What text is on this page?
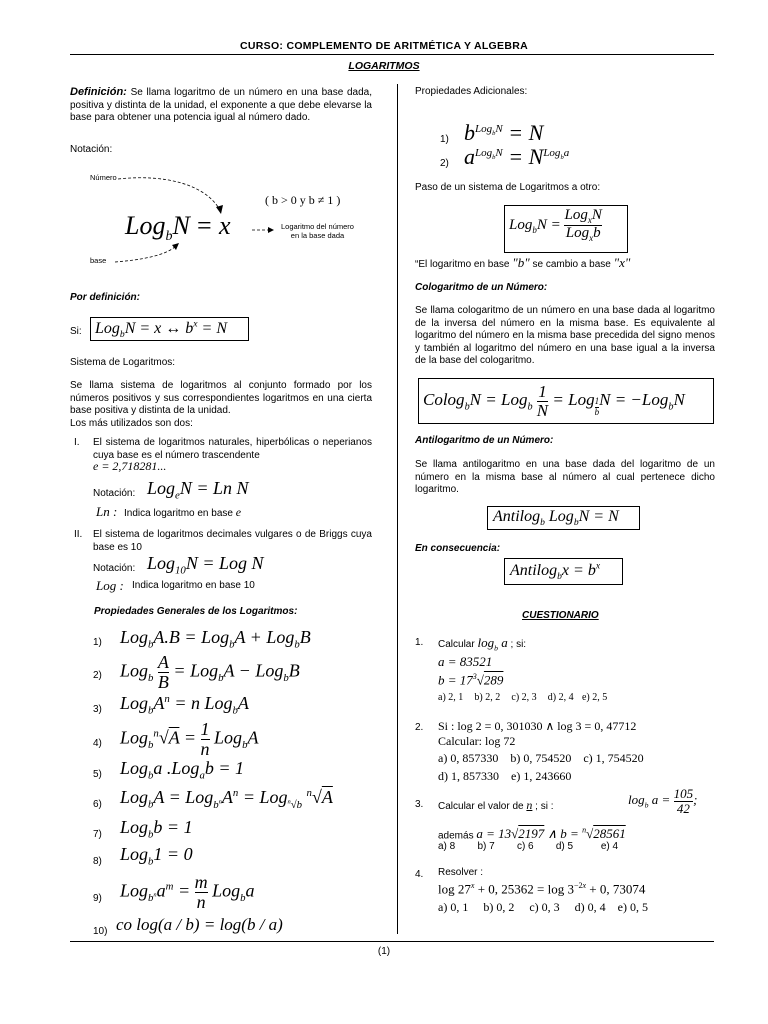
CURSO: COMPLEMENTO DE ARITMÉTICA Y ALGEBRA
LOGARITMOS
Definición: Se llama logaritmo de un número en una base dada, positiva y distinta de la unidad, el exponente a que debe elevarse la base para obtener una potencia igual al número dado.
Notación:
Número
base
Log$_b$N = x	Logaritmo del número
en la base dada
( b > 0 y b ≠ 1 )
Por definición:
Si: Log$_b$N = x ↔ $b^x = N$
Sistema de Logaritmos:
Se llama sistema de logaritmos al conjunto formado por los números positivos y sus correspondientes logaritmos en una cierta base positiva y distinta de la unidad.
Los más utilizados son dos:
I. El sistema de logaritmos naturales, hiperbólicas o neperianos cuya base es el número trascendente
e = 2,718281...
Notación: Log$_e$N = Ln N
Ln : Indica logaritmo en base e
II. El sistema de logaritmos decimales vulgares o de Briggs cuya base es 10
Notación: Log$_{10}$N = Log N
Log : Indica logaritmo en base 10
Propiedades Generales de los Logaritmos:
1) Log$_b$A.B = Log$_b$A + Log$_b$B
2) $Log_b \frac{A}{B} = Log_bA - Log_bB$
3) $Log_bA^n = n$ Log$_b$A
4) $Log_b^n√A = \frac{1}{n} Log_bA$
5) Log$_b$a .Log$_a$b = 1
6) $Log_bA = Log_{b^n}A^n = Log_{^n√b}$ $^n$√A
7) Log$_b$b = 1
8) Log$_b$1 = 0
9) $Log_{b^n}a^m = \frac{m}{n} Log_ba$
10) co log(a / b) = log(b / a)
Propiedades Adicionales:
1) $b^{Log_bN} = N$
2) $a^{Log_bN} = N^{Log_ba}$
Paso de un sistema de Logaritmos a otro:
$Log_bN = \frac{Log_xN}{Log_xb}$
“El logaritmo en base "b" se cambio a base "x"
Cologaritmo de un Número:
Se llama cologaritmo de un número en una base dada al logaritmo de la inversa del número en la misma base. Es equivalente al logaritmo del número en la misma base precedida del signo menos y también al logaritmo del número en una base igual a la inversa de la base del cologaritmo.
$Colog_bN = Log_b \frac{1}{N}$ = Log $_{\frac{1}{b}}$ N = −Log$_b$N
Antilogaritmo de un Número:
Se llama antilogaritmo en una base dada del logaritmo de un número en la misma base al número al cual pertenece dicho logaritmo.
Antilog$_b$ Log$_b$N = N
En consecuencia:
Antilog$_b$x = $b^x$
CUESTIONARIO
1. Calcular $\log_b a$ ; si:
a = 83521
$b = 17^3√289$
a) 2, 1 b) 2, 2 c) 2, 3 d) 2, 4 e) 2, 5
2. Si : log 2 = 0, 301030 ∧ log 3 = 0, 47712
Calcular: log 72
a) 0, 857330 b) 0, 754520 c) 1, 754520
d) 1, 857330 e) 1, 243660
3. Calcular el valor de n ; si :	$\log_b a = \frac{105}{42}$ ;
además a = 13√2197 ∧ b = $^n$√28561
a) 8 b) 7 c) 6 d) 5	e) 4
4. Resolver :
$\log 27^x + 0$, $25362 = \log 3^{-2x} + 0$, 73074
a) 0, 1 b) 0, 2 c) 0, 3 d) 0, 4 e) 0, 5
(1)
